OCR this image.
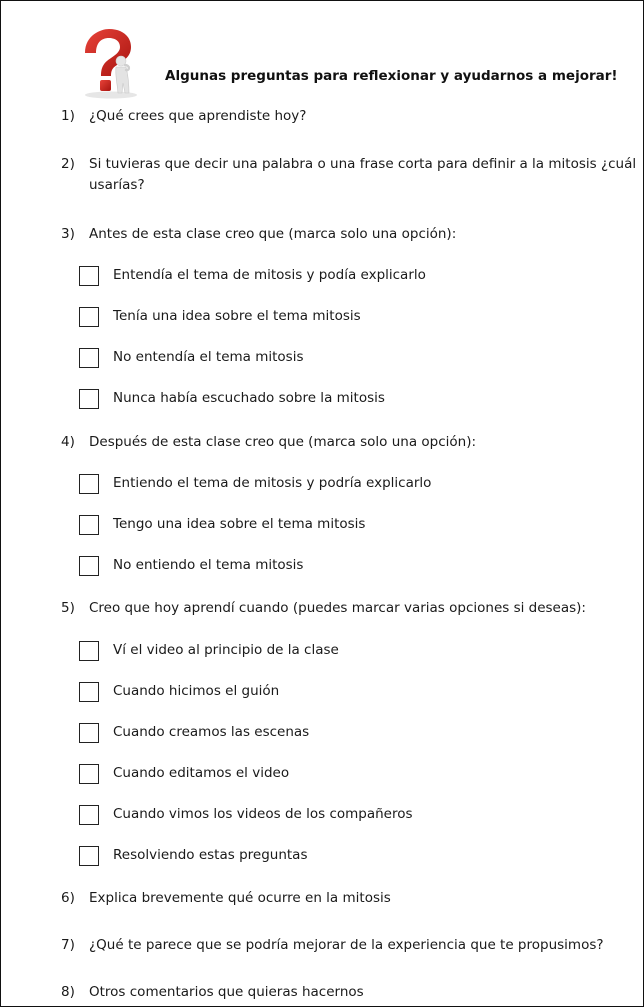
Algunas preguntas para reflexionar y ayudarnos a mejorar!
1)	¿Qué crees que aprendiste hoy?
2)	Si tuvieras que decir una palabra o una frase corta para definir a la mitosis ¿cuál usarías?
3)	Antes de esta clase creo que (marca solo una opción):
Entendía el tema de mitosis y podía explicarlo
Tenía una idea sobre el tema mitosis
No entendía el tema mitosis
Nunca había escuchado sobre la mitosis
4)	Después de esta clase creo que (marca solo una opción):
Entiendo el tema de mitosis y podría explicarlo
Tengo una idea sobre el tema mitosis
No entiendo el tema mitosis
5)	Creo que hoy aprendí cuando (puedes marcar varias opciones si deseas):
Ví el video al principio de la clase
Cuando hicimos el guión
Cuando creamos las escenas
Cuando editamos el video
Cuando vimos los videos de los compañeros
Resolviendo estas preguntas
6)	Explica brevemente qué ocurre en la mitosis
7)	¿Qué te parece que se podría mejorar de la experiencia que te propusimos?
8)	Otros comentarios que quieras hacernos
